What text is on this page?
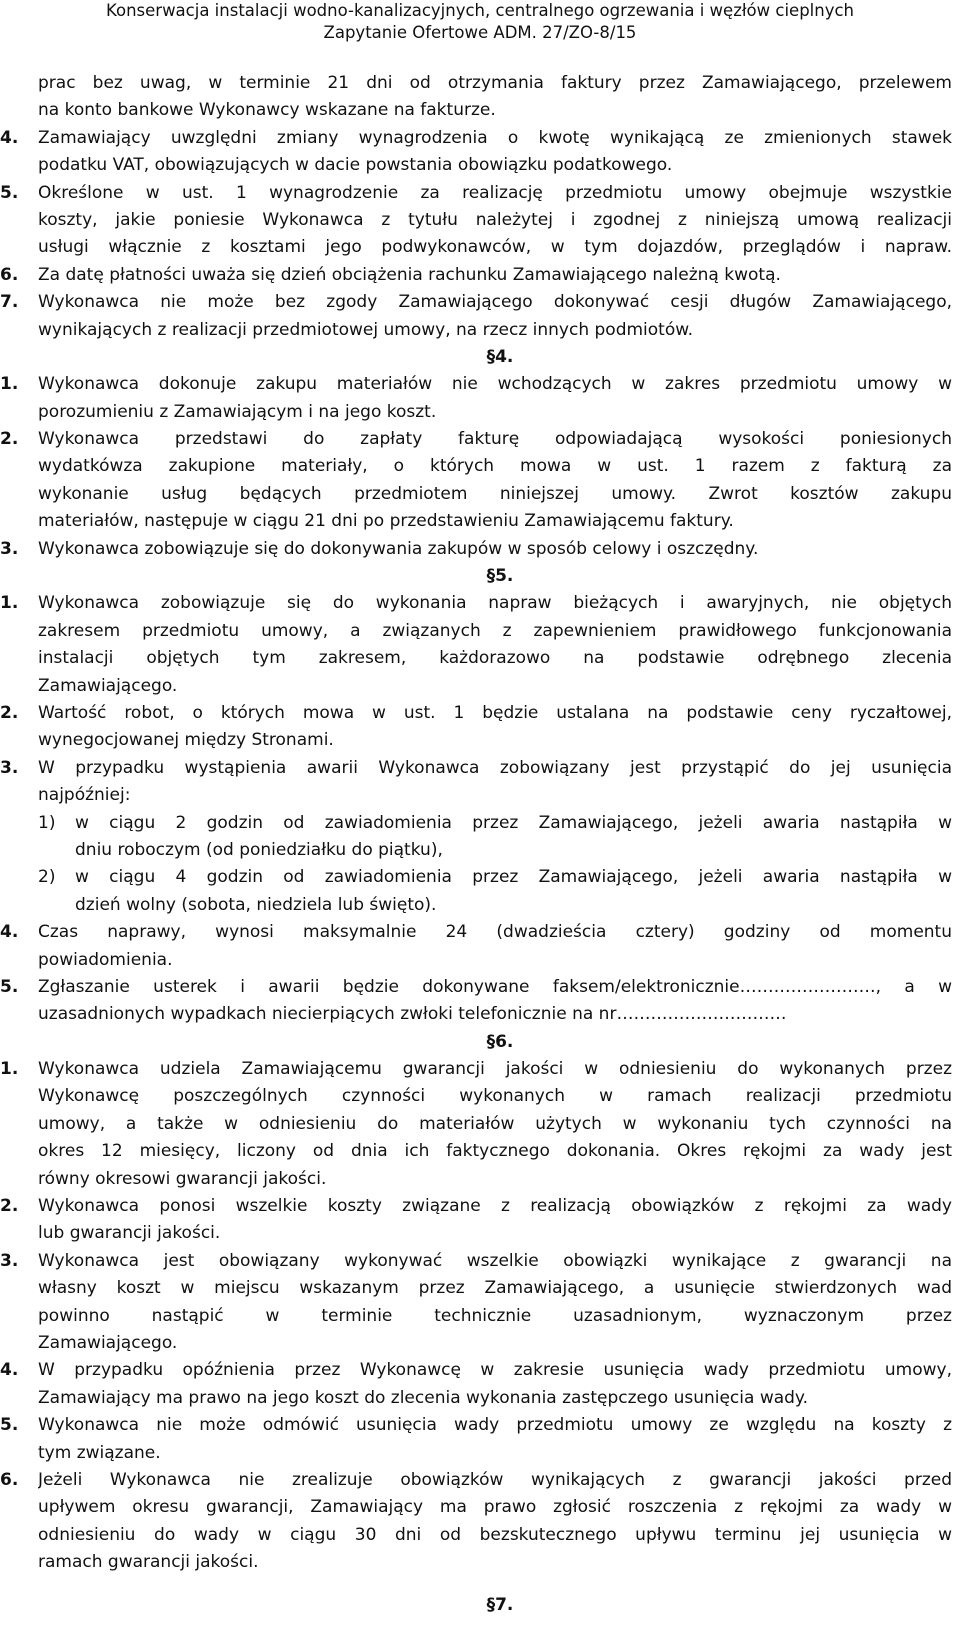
Konserwacja instalacji wodno-kanalizacyjnych, centralnego ogrzewania i węzłów cieplnych
Zapytanie Ofertowe ADM. 27/ZO-8/15
prac bez uwag, w terminie 21 dni od otrzymania faktury przez Zamawiającego, przelewem
na konto bankowe Wykonawcy wskazane na fakturze.
4.	Zamawiający uwzględni zmiany wynagrodzenia o kwotę wynikającą ze zmienionych stawek
podatku VAT, obowiązujących w dacie powstania obowiązku podatkowego.
5.	Określone w ust. 1 wynagrodzenie za realizację przedmiotu umowy obejmuje wszystkie
koszty, jakie poniesie Wykonawca z tytułu należytej i zgodnej z niniejszą umową realizacji
usługi włącznie z kosztami jego podwykonawców, w tym dojazdów, przeglądów i napraw.
6.	Za datę płatności uważa się dzień obciążenia rachunku Zamawiającego należną kwotą.
7.	Wykonawca nie może bez zgody Zamawiającego dokonywać cesji długów Zamawiającego,
wynikających z realizacji przedmiotowej umowy, na rzecz innych podmiotów.
§4.
1.	Wykonawca dokonuje zakupu materiałów nie wchodzących w zakres przedmiotu umowy w
porozumieniu z Zamawiającym i na jego koszt.
2.	Wykonawca przedstawi do zapłaty fakturę odpowiadającą wysokości poniesionych
wydatkówza zakupione materiały, o których mowa w ust. 1 razem z fakturą za
wykonanie usług będących przedmiotem niniejszej umowy. Zwrot kosztów zakupu
materiałów, następuje w ciągu 21 dni po przedstawieniu Zamawiającemu faktury.
3.	Wykonawca zobowiązuje się do dokonywania zakupów w sposób celowy i oszczędny.
§5.
1.	Wykonawca zobowiązuje się do wykonania napraw bieżących i awaryjnych, nie objętych
zakresem przedmiotu umowy, a związanych z zapewnieniem prawidłowego funkcjonowania
instalacji objętych tym zakresem, każdorazowo na podstawie odrębnego zlecenia
Zamawiającego.
2.	Wartość robot, o których mowa w ust. 1 będzie ustalana na podstawie ceny ryczałtowej,
wynegocjowanej między Stronami.
3.	W przypadku wystąpienia awarii Wykonawca zobowiązany jest przystąpić do jej usunięcia
najpóźniej:
1)	w ciągu 2 godzin od zawiadomienia przez Zamawiającego, jeżeli awaria nastąpiła w
dniu roboczym (od poniedziałku do piątku),
2)	w ciągu 4 godzin od zawiadomienia przez Zamawiającego, jeżeli awaria nastąpiła w
dzień wolny (sobota, niedziela lub święto).
4.	Czas naprawy, wynosi maksymalnie 24 (dwadzieścia cztery) godziny od momentu
powiadomienia.
5.	Zgłaszanie usterek i awarii będzie dokonywane faksem/elektronicznie……………………, a w
uzasadnionych wypadkach niecierpiących zwłoki telefonicznie na nr…………………………
§6.
1.	Wykonawca udziela Zamawiającemu gwarancji jakości w odniesieniu do wykonanych przez
Wykonawcę poszczególnych czynności wykonanych w ramach realizacji przedmiotu
umowy, a także w odniesieniu do materiałów użytych w wykonaniu tych czynności na
okres 12 miesięcy, liczony od dnia ich faktycznego dokonania. Okres rękojmi za wady jest
równy okresowi gwarancji jakości.
2.	Wykonawca ponosi wszelkie koszty związane z realizacją obowiązków z rękojmi za wady
lub gwarancji jakości.
3.	Wykonawca jest obowiązany wykonywać wszelkie obowiązki wynikające z gwarancji na
własny koszt w miejscu wskazanym przez Zamawiającego, a usunięcie stwierdzonych wad
powinno nastąpić w terminie technicznie uzasadnionym, wyznaczonym przez
Zamawiającego.
4.	W przypadku opóźnienia przez Wykonawcę w zakresie usunięcia wady przedmiotu umowy,
Zamawiający ma prawo na jego koszt do zlecenia wykonania zastępczego usunięcia wady.
5.	Wykonawca nie może odmówić usunięcia wady przedmiotu umowy ze względu na koszty z
tym związane.
6.	Jeżeli Wykonawca nie zrealizuje obowiązków wynikających z gwarancji jakości przed
upływem okresu gwarancji, Zamawiający ma prawo zgłosić roszczenia z rękojmi za wady w
odniesieniu do wady w ciągu 30 dni od bezskutecznego upływu terminu jej usunięcia w
ramach gwarancji jakości.
§7.
